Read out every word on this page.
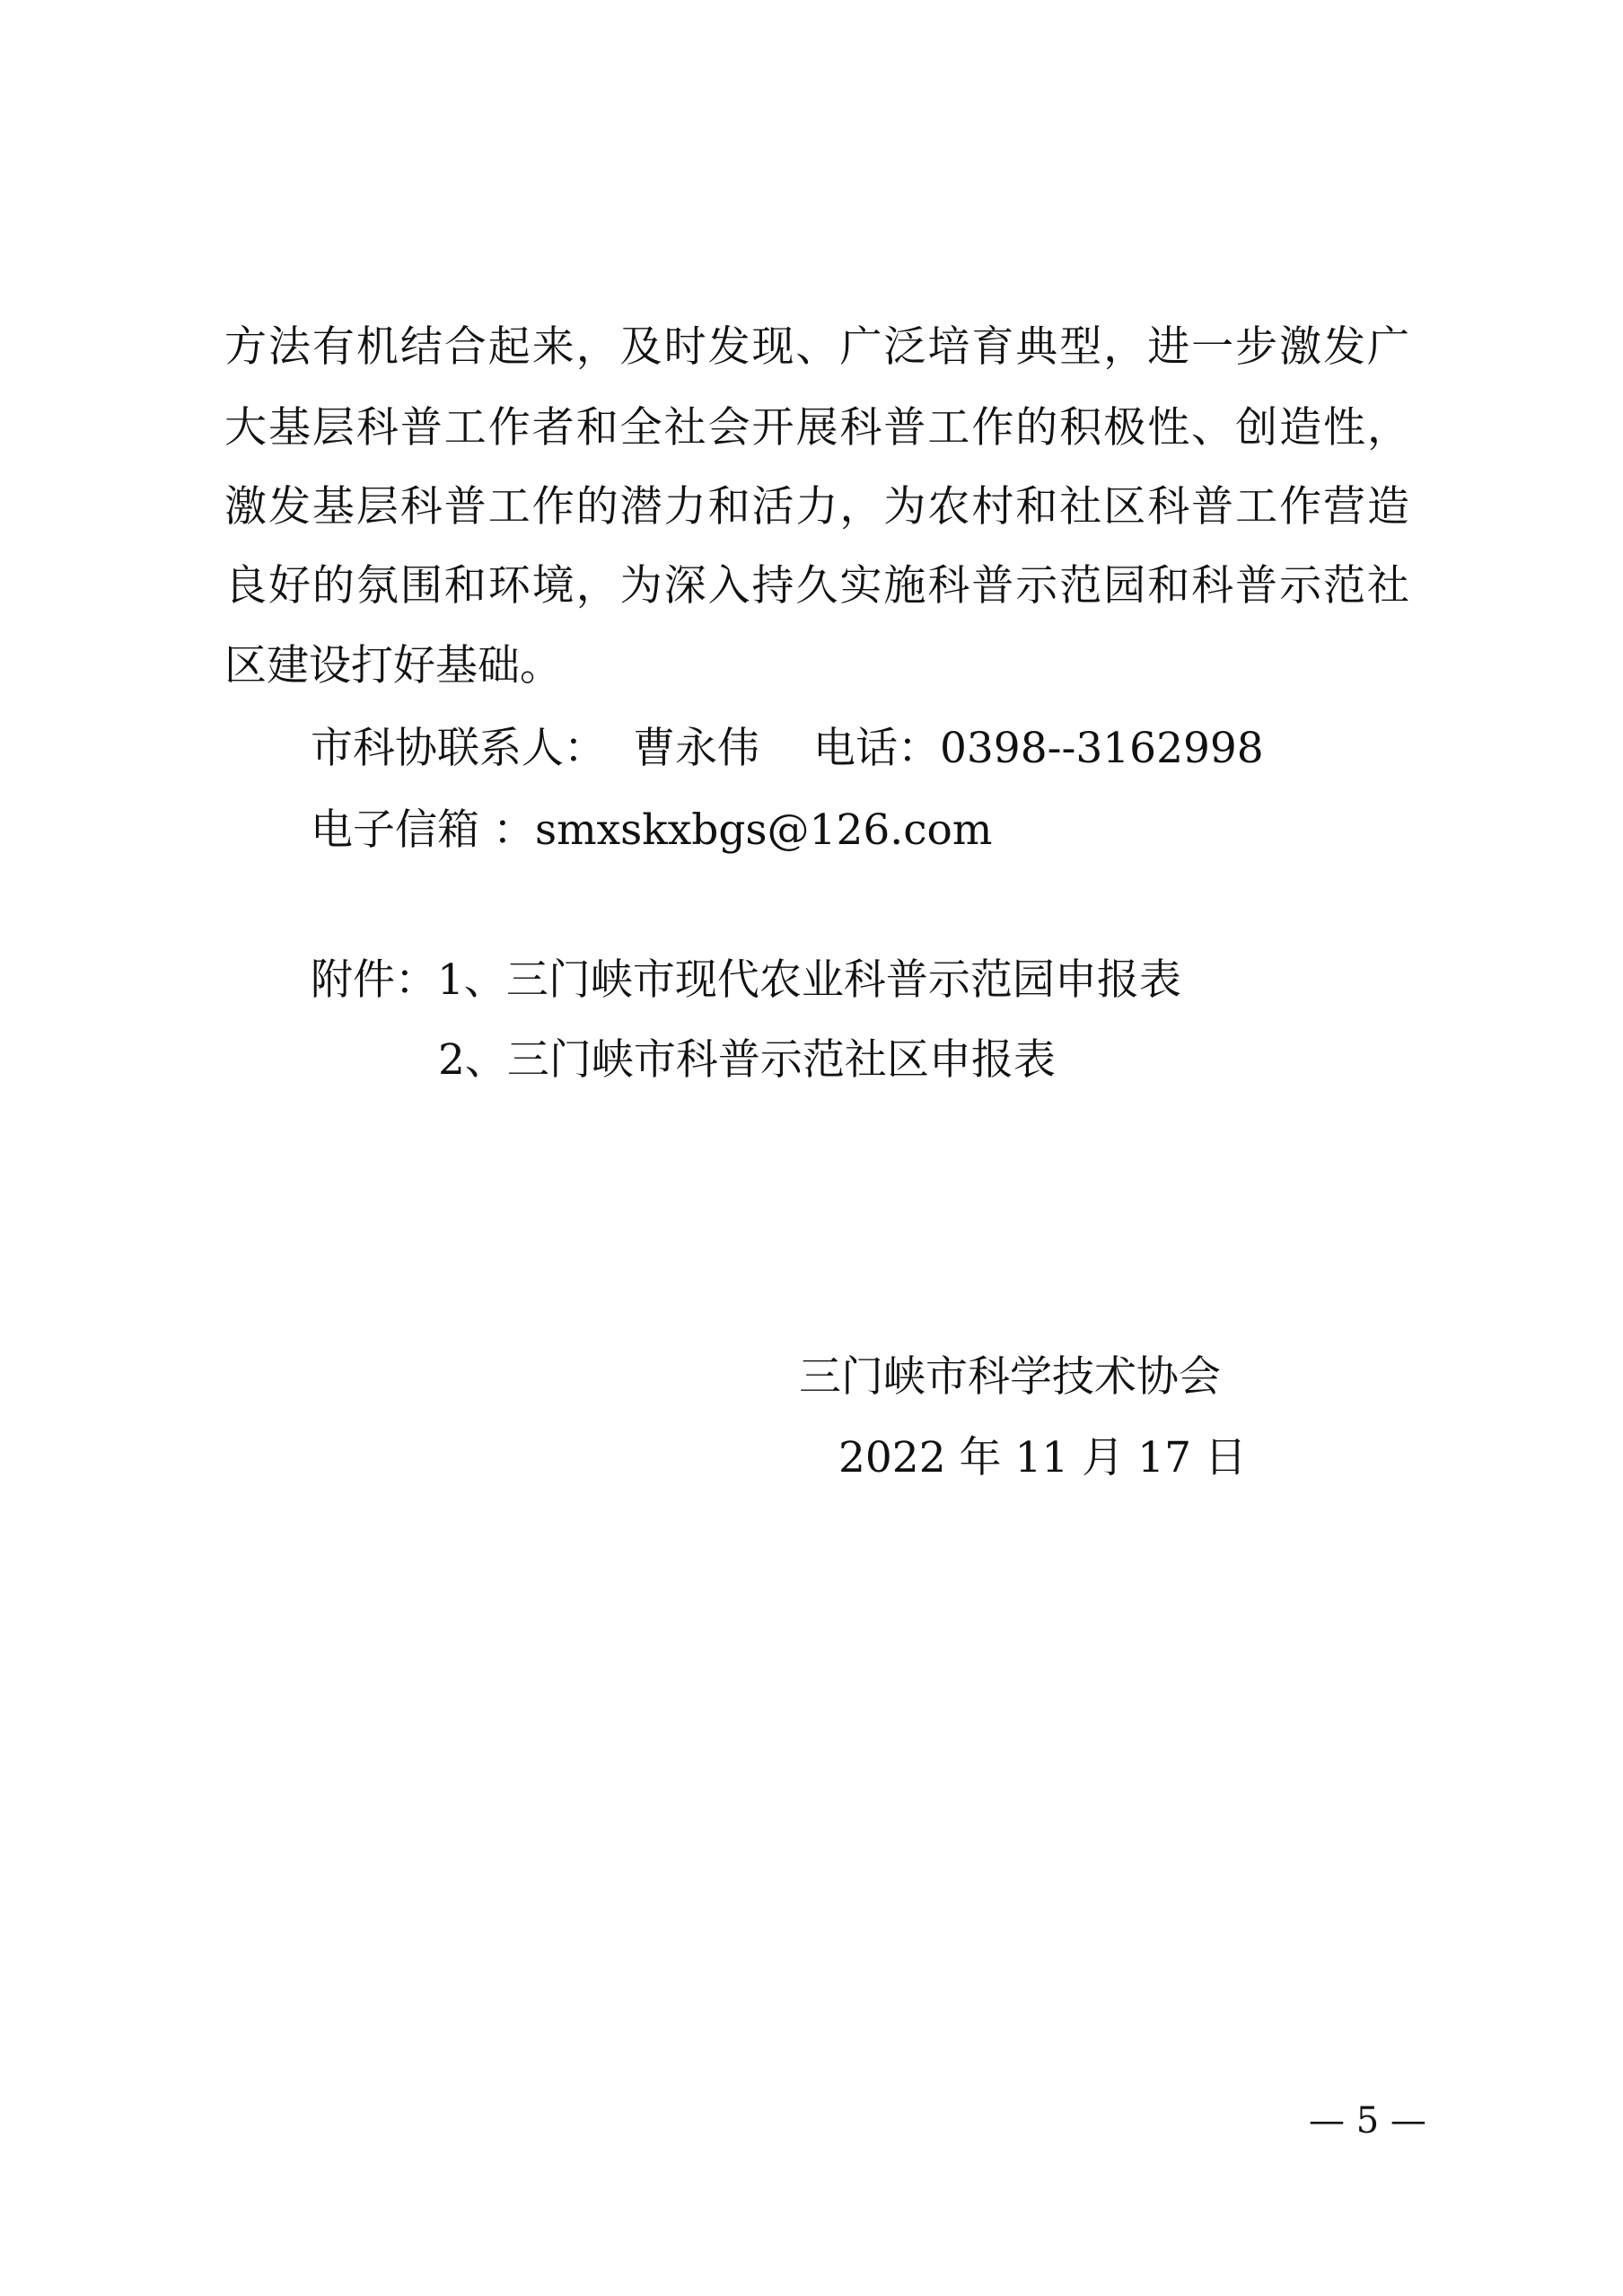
方法有机结合起来，及时发现、广泛培育典型，进一步激发广
大基层科普工作者和全社会开展科普工作的积极性、创造性，
激发基层科普工作的潜力和活力，为农村和社区科普工作营造
良好的氛围和环境，为深入持久实施科普示范园和科普示范社
区建设打好基础。
市科协联系人： 曹永伟 电话：0398--3162998
电子信箱 ：smxskxbgs@126.com
附件：1、三门峡市现代农业科普示范园申报表
2、三门峡市科普示范社区申报表
三门峡市科学技术协会
2022 年 11 月 17 日
— 5 —
